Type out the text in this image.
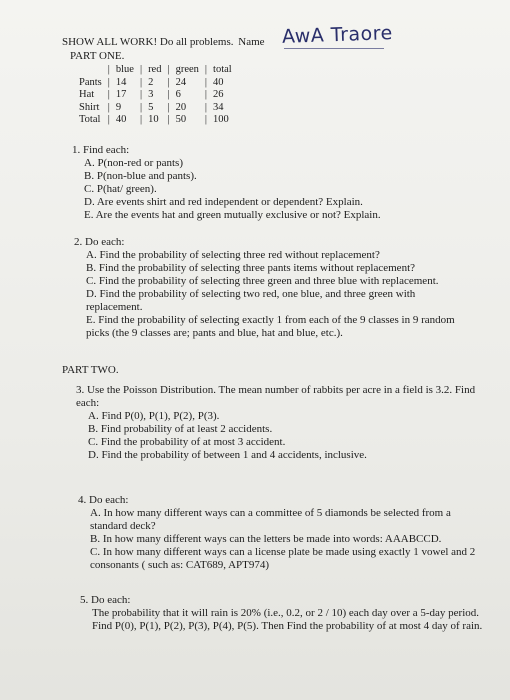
SHOW ALL WORK! Do all problems. Name AwA Traore
PART ONE.
	|	blue	|	red	|	green	|	total
Pants	|	14	|	2	|	24	|	40
Hat	|	17	|	3	|	6	|	26
Shirt	|	9	|	5	|	20	|	34
Total	|	40	|	10	|	50	|	100

1. Find each:

A. P(non-red or pants)

B. P(non-blue and pants).

C. P(hat/ green).

D. Are events shirt and red independent or dependent? Explain.

E. Are the events hat and green mutually exclusive or not? Explain.

2. Do each:

A. Find the probability of selecting three red without replacement?

B. Find the probability of selecting three pants items without replacement?

C. Find the probability of selecting three green and three blue with replacement.

D. Find the probability of selecting two red, one blue, and three green with replacement.

E. Find the probability of selecting exactly 1 from each of the 9 classes in 9 random picks (the 9 classes are; pants and blue, hat and blue, etc.).

PART TWO.

3. Use the Poisson Distribution. The mean number of rabbits per acre in a field is 3.2. Find each:

A. Find P(0), P(1), P(2), P(3).

B. Find probability of at least 2 accidents.

C. Find the probability of at most 3 accident.

D. Find the probability of between 1 and 4 accidents, inclusive.

4. Do each:

A. In how many different ways can a committee of 5 diamonds be selected from a standard deck?

B. In how many different ways can the letters be made into words: AAABCCD.

C. In how many different ways can a license plate be made using exactly 1 vowel and 2 consonants ( such as: CAT689, APT974)

5. Do each:

The probability that it will rain is 20% (i.e., 0.2, or 2 / 10) each day over a 5-day period. Find P(0), P(1), P(2), P(3), P(4), P(5). Then Find the probability of at most 4 day of rain.
